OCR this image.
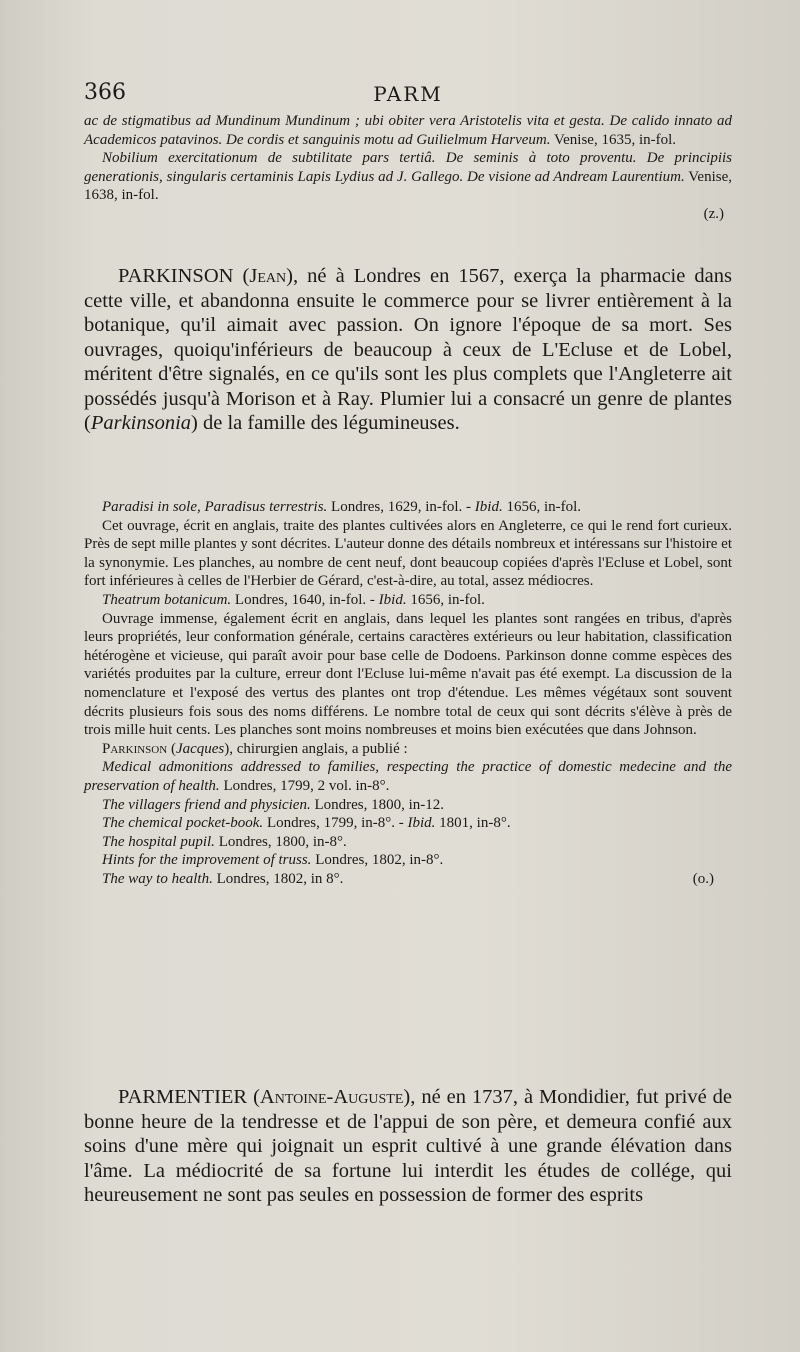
366	PARM

ac de stigmatibus ad Mundinum Mundinum ; ubi obiter vera Aristotelis vita et gesta. De calido innato ad Academicos patavinos. De cordis et sanguinis motu ad Guilielmum Harveum. Venise, 1635, in-fol.

Nobilium exercitationum de subtilitate pars tertiâ. De seminis à toto proventu. De principiis generationis, singularis certaminis Lapis Lydius ad J. Gallego. De visione ad Andream Laurentium. Venise, 1638, in-fol.

(z.)

PARKINSON (Jean), né à Londres en 1567, exerça la pharmacie dans cette ville, et abandonna ensuite le commerce pour se livrer entièrement à la botanique, qu'il aimait avec passion. On ignore l'époque de sa mort. Ses ouvrages, quoiqu'inférieurs de beaucoup à ceux de L'Ecluse et de Lobel, méritent d'être signalés, en ce qu'ils sont les plus complets que l'Angleterre ait possédés jusqu'à Morison et à Ray. Plumier lui a consacré un genre de plantes (Parkinsonia) de la famille des légumineuses.

Paradisi in sole, Paradisus terrestris. Londres, 1629, in-fol. - Ibid. 1656, in-fol.

Cet ouvrage, écrit en anglais, traite des plantes cultivées alors en Angleterre, ce qui le rend fort curieux. Près de sept mille plantes y sont décrites. L'auteur donne des détails nombreux et intéressans sur l'histoire et la synonymie. Les planches, au nombre de cent neuf, dont beaucoup copiées d'après l'Ecluse et Lobel, sont fort inférieures à celles de l'Herbier de Gérard, c'est-à-dire, au total, assez médiocres.

Theatrum botanicum. Londres, 1640, in-fol. - Ibid. 1656, in-fol.

Ouvrage immense, également écrit en anglais, dans lequel les plantes sont rangées en tribus, d'après leurs propriétés, leur conformation générale, certains caractères extérieurs ou leur habitation, classification hétérogène et vicieuse, qui paraît avoir pour base celle de Dodoens. Parkinson donne comme espèces des variétés produites par la culture, erreur dont l'Ecluse lui-même n'avait pas été exempt. La discussion de la nomenclature et l'exposé des vertus des plantes ont trop d'étendue. Les mêmes végétaux sont souvent décrits plusieurs fois sous des noms différens. Le nombre total de ceux qui sont décrits s'élève à près de trois mille huit cents. Les planches sont moins nombreuses et moins bien exécutées que dans Johnson.

Parkinson (Jacques), chirurgien anglais, a publié :

Medical admonitions addressed to families, respecting the practice of domestic medecine and the preservation of health. Londres, 1799, 2 vol. in-8°.

The villagers friend and physicien. Londres, 1800, in-12.

The chemical pocket-book. Londres, 1799, in-8°. - Ibid. 1801, in-8°.

The hospital pupil. Londres, 1800, in-8°.

Hints for the improvement of truss. Londres, 1802, in-8°.

The way to health. Londres, 1802, in 8°.	(o.)

PARMENTIER (Antoine-Auguste), né en 1737, à Mondidier, fut privé de bonne heure de la tendresse et de l'appui de son père, et demeura confié aux soins d'une mère qui joignait un esprit cultivé à une grande élévation dans l'âme. La médiocrité de sa fortune lui interdit les études de collége, qui heureusement ne sont pas seules en possession de former des esprits
